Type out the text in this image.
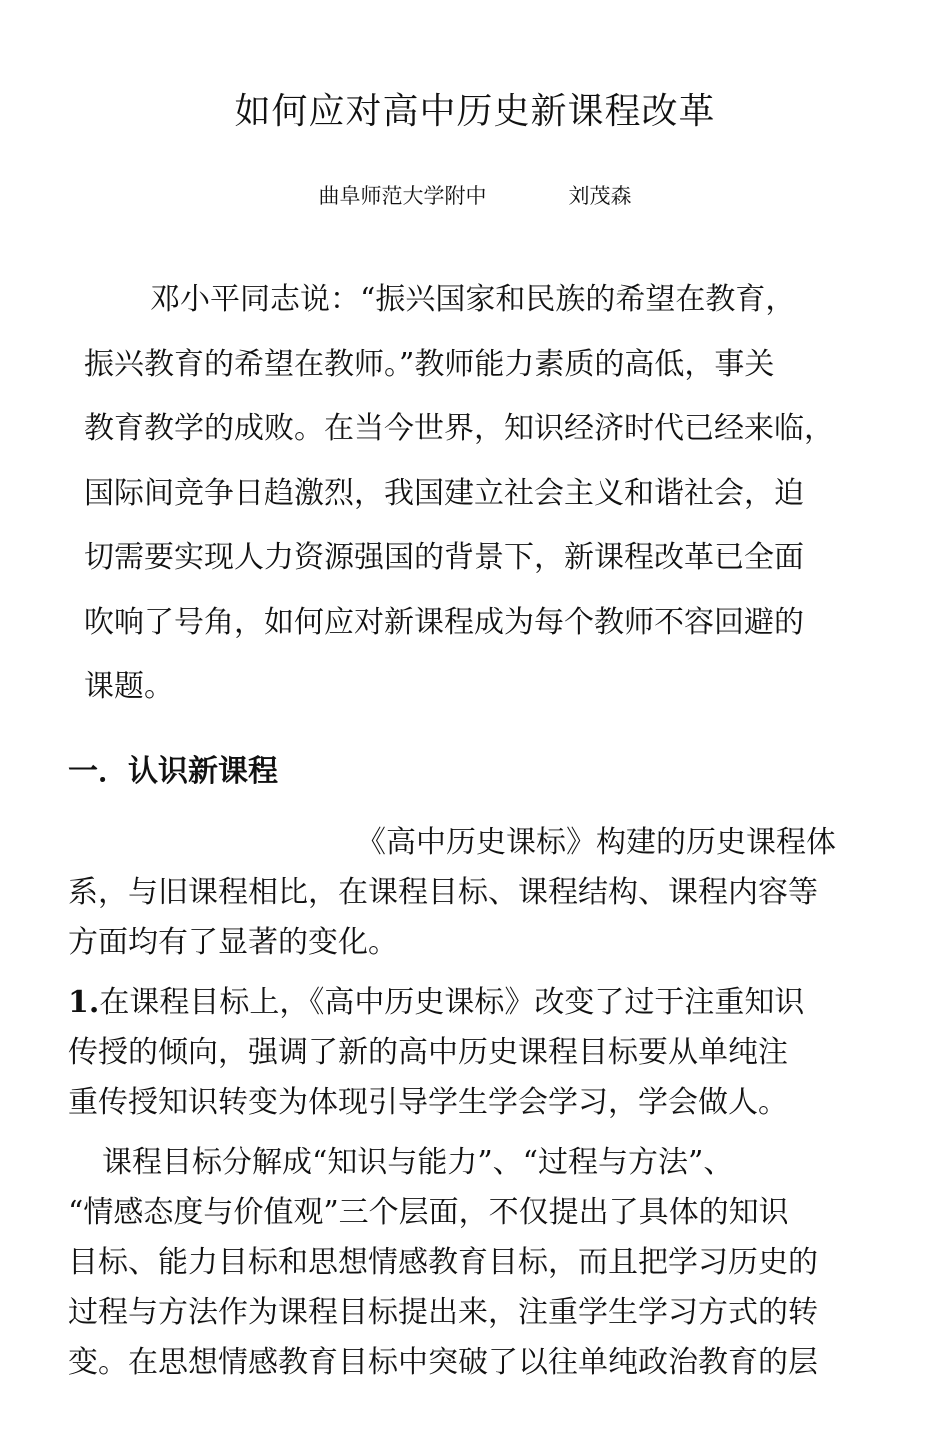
如何应对高中历史新课程改革
曲阜师范大学附中	刘茂森
邓小平同志说：“振兴国家和民族的希望在教育，
振兴教育的希望在教师。”教师能力素质的高低，事关
教育教学的成败。在当今世界，知识经济时代已经来临，
国际间竞争日趋激烈，我国建立社会主义和谐社会，迫
切需要实现人力资源强国的背景下，新课程改革已全面
吹响了号角，如何应对新课程成为每个教师不容回避的
课题。
一．认识新课程
《高中历史课标》构建的历史课程体
系，与旧课程相比，在课程目标、课程结构、课程内容等
方面均有了显著的变化。
1.在课程目标上，《高中历史课标》改变了过于注重知识
传授的倾向，强调了新的高中历史课程目标要从单纯注
重传授知识转变为体现引导学生学会学习，学会做人。
课程目标分解成“知识与能力”、“过程与方法”、
“情感态度与价值观”三个层面，不仅提出了具体的知识
目标、能力目标和思想情感教育目标，而且把学习历史的
过程与方法作为课程目标提出来，注重学生学习方式的转
变。在思想情感教育目标中突破了以往单纯政治教育的层
